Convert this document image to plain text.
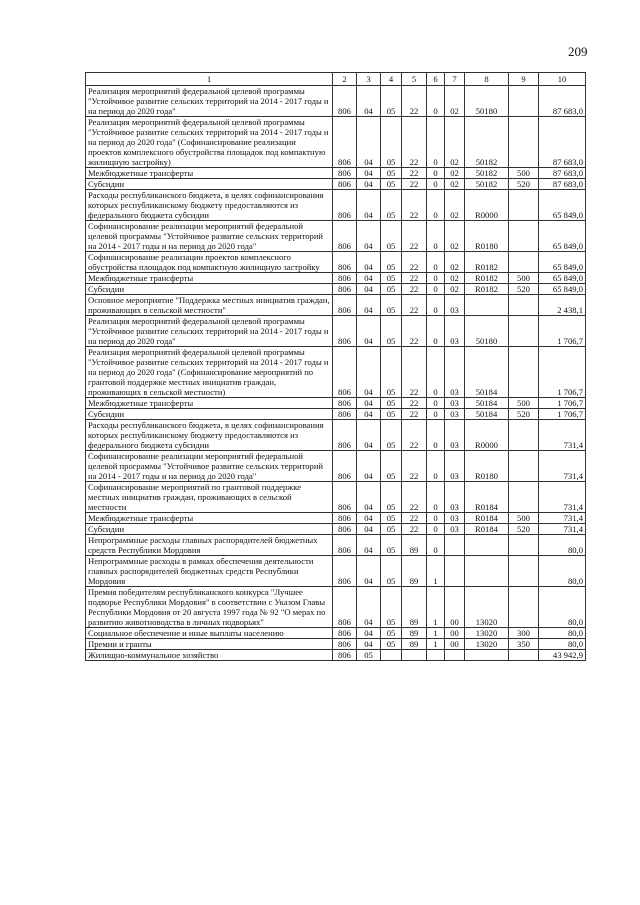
209
1	2	3	4	5	6	7	8	9	10
Реализация мероприятий федеральной целевой программы "Устойчивое развитие сельских территорий на 2014 - 2017 годы и на период до 2020 года"	806	04	05	22	0	02	50180		87 683,0
Реализация мероприятий федеральной целевой программы "Устойчивое развитие сельских территорий на 2014 - 2017 годы и на период до 2020 года" (Софинансирование реализации проектов комплексного обустройства площадок под компактную жилищную застройку)	806	04	05	22	0	02	50182		87 683,0
Межбюджетные трансферты	806	04	05	22	0	02	50182	500	87 683,0
Субсидии	806	04	05	22	0	02	50182	520	87 683,0
Расходы республиканского бюджета, в целях софинансирования которых республиканскому бюджету предоставляются из федерального бюджета субсидии	806	04	05	22	0	02	R0000		65 849,0
Софинансирование реализации мероприятий федеральной целевой программы "Устойчивое развитие сельских территорий на 2014 - 2017 годы и на период до 2020 года"	806	04	05	22	0	02	R0180		65 849,0
Софинансирование реализации проектов комплексного обустройства площадок под компактную жилищную застройку	806	04	05	22	0	02	R0182		65 849,0
Межбюджетные трансферты	806	04	05	22	0	02	R0182	500	65 849,0
Субсидии	806	04	05	22	0	02	R0182	520	65 849,0
Основное мероприятие "Поддержка местных инициатив граждан, проживающих в сельской местности"	806	04	05	22	0	03			2 438,1
Реализация мероприятий федеральной целевой программы "Устойчивое развитие сельских территорий на 2014 - 2017 годы и на период до 2020 года"	806	04	05	22	0	03	50180		1 706,7
Реализация мероприятий федеральной целевой программы "Устойчивое развитие сельских территорий на 2014 - 2017 годы и на период до 2020 года" (Софинансирование мероприятий по грантовой поддержке местных инициатив граждан, проживающих в сельской местности)	806	04	05	22	0	03	50184		1 706,7
Межбюджетные трансферты	806	04	05	22	0	03	50184	500	1 706,7
Субсидии	806	04	05	22	0	03	50184	520	1 706,7
Расходы республиканского бюджета, в целях софинансирования которых республиканскому бюджету предоставляются из федерального бюджета субсидии	806	04	05	22	0	03	R0000		731,4
Софинансирование реализации мероприятий федеральной целевой программы "Устойчивое развитие сельских территорий на 2014 - 2017 годы и на период до 2020 года"	806	04	05	22	0	03	R0180		731,4
Софинансирование мероприятий по грантовой поддержке местных инициатив граждан, проживающих в сельской местности	806	04	05	22	0	03	R0184		731,4
Межбюджетные трансферты	806	04	05	22	0	03	R0184	500	731,4
Субсидии	806	04	05	22	0	03	R0184	520	731,4
Непрограммные расходы главных распорядителей бюджетных средств Республики Мордовия	806	04	05	89	0				80,0
Непрограммные расходы в рамках обеспечения деятельности главных распорядителей бюджетных средств Республики Мордовия	806	04	05	89	1				80,0
Премия победителям республиканского конкурса "Лучшее подворье Республики Мордовия" в соответствии с Указом Главы Республики Мордовия от 20 августа 1997 года № 92 "О мерах по развитию животноводства в личных подворьях"	806	04	05	89	1	00	13020		80,0
Социальное обеспечение и иные выплаты населению	806	04	05	89	1	00	13020	300	80,0
Премии и гранты	806	04	05	89	1	00	13020	350	80,0
Жилищно-коммунальное хозяйство	806	05							43 942,9
